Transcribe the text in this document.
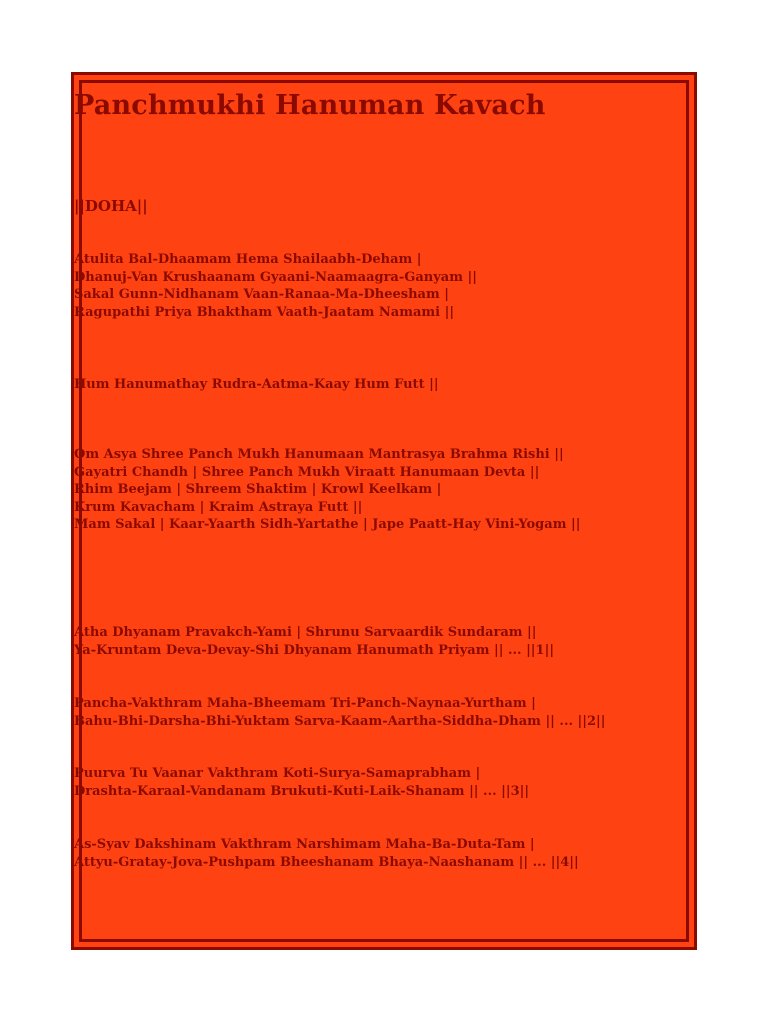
Panchmukhi Hanuman Kavach
||DOHA||
Atulita Bal-Dhaamam Hema Shailaabh-Deham |
Dhanuj-Van Krushaanam Gyaani-Naamaagra-Ganyam ||
Sakal Gunn-Nidhanam Vaan-Ranaa-Ma-Dheesham |
Ragupathi Priya Bhaktham Vaath-Jaatam Namami ||
Hum Hanumathay Rudra-Aatma-Kaay Hum Futt ||
Om Asya Shree Panch Mukh Hanumaan Mantrasya Brahma Rishi ||
Gayatri Chandh | Shree Panch Mukh Viraatt Hanumaan Devta ||
Rhim Beejam | Shreem Shaktim | Krowl Keelkam |
Krum Kavacham | Kraim Astraya Futt ||
Mam Sakal | Kaar-Yaarth Sidh-Yartathe | Jape Paatt-Hay Vini-Yogam ||
Atha Dhyanam Pravakch-Yami | Shrunu Sarvaardik Sundaram ||
Ya-Kruntam Deva-Devay-Shi Dhyanam Hanumath Priyam || ... ||1||
Pancha-Vakthram Maha-Bheemam Tri-Panch-Naynaa-Yurtham |
Bahu-Bhi-Darsha-Bhi-Yuktam Sarva-Kaam-Aartha-Siddha-Dham || ... ||2||
Puurva Tu Vaanar Vakthram Koti-Surya-Samaprabham |
Drashta-Karaal-Vandanam Brukuti-Kuti-Laik-Shanam || ... ||3||
As-Syav Dakshinam Vakthram Narshimam Maha-Ba-Duta-Tam |
Attyu-Gratay-Jova-Pushpam Bheeshanam Bhaya-Naashanam || ... ||4||
